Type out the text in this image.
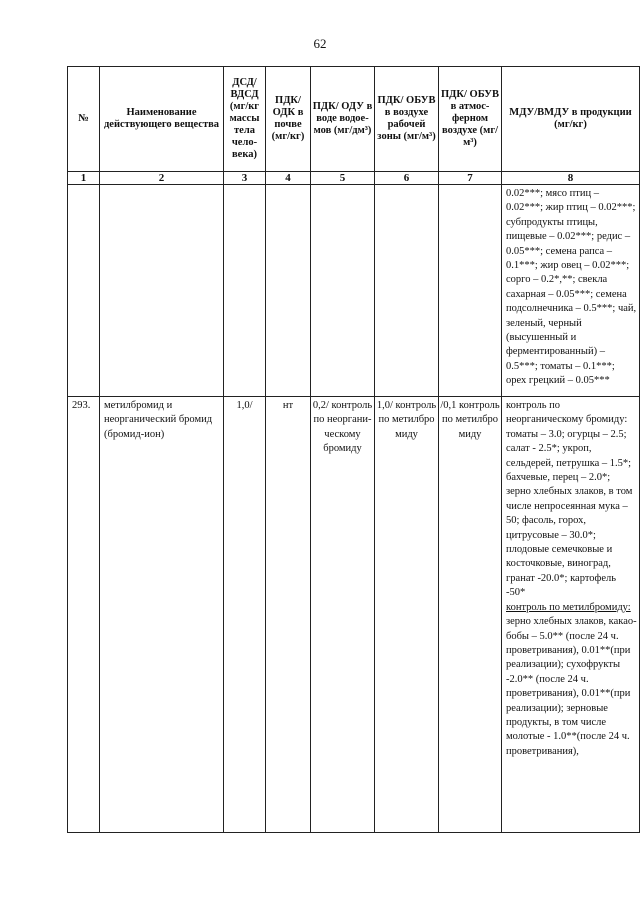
62
№	Наименование действующего вещества	ДСД/ ВДСД (мг/кг массы тела чело- века)	ПДК/ ОДК в почве (мг/кг)	ПДК/ ОДУ в воде водое- мов (мг/дм³)	ПДК/ ОБУВ в воздухе рабочей зоны (мг/м³)	ПДК/ ОБУВ в атмос- ферном воздухе (мг/м³)	МДУ/ВМДУ в продукции (мг/кг)
1	2	3	4	5	6	7	8
							0.02***; мясо птиц – 0.02***; жир птиц – 0.02***; субпродукты птицы, пищевые – 0.02***; редис – 0.05***; семена рапса – 0.1***; жир овец – 0.02***; сорго – 0.2*,**; свекла сахарная – 0.05***; семена подсолнечника – 0.5***; чай, зеленый, черный (высушенный и ферментированный) – 0.5***; томаты – 0.1***; орех грецкий – 0.05***
293.	метилбромид и неорганический бромид (бромид-ион)	1,0/	нт	0,2/ контроль по неоргани- ческому бромиду	1,0/ контроль по метилбро миду	/0,1 контроль по метилбро миду	контроль по неорганическому бромиду: томаты – 3.0; огурцы – 2.5; салат - 2.5*; укроп, сельдерей, петрушка – 1.5*; бахчевые, перец – 2.0*; зерно хлебных злаков, в том числе непросеянная мука – 50; фасоль, горох, цитрусовые – 30.0*; плодовые семечковые и косточковые, виноград, гранат -20.0*; картофель -50*
контроль по метилбромиду: зерно хлебных злаков, какао-бобы – 5.0** (после 24 ч. проветривания), 0.01**(при реализации); сухофрукты -2.0** (после 24 ч. проветривания), 0.01**(при реализации); зерновые продукты, в том числе молотые - 1.0**(после 24 ч. проветривания),
